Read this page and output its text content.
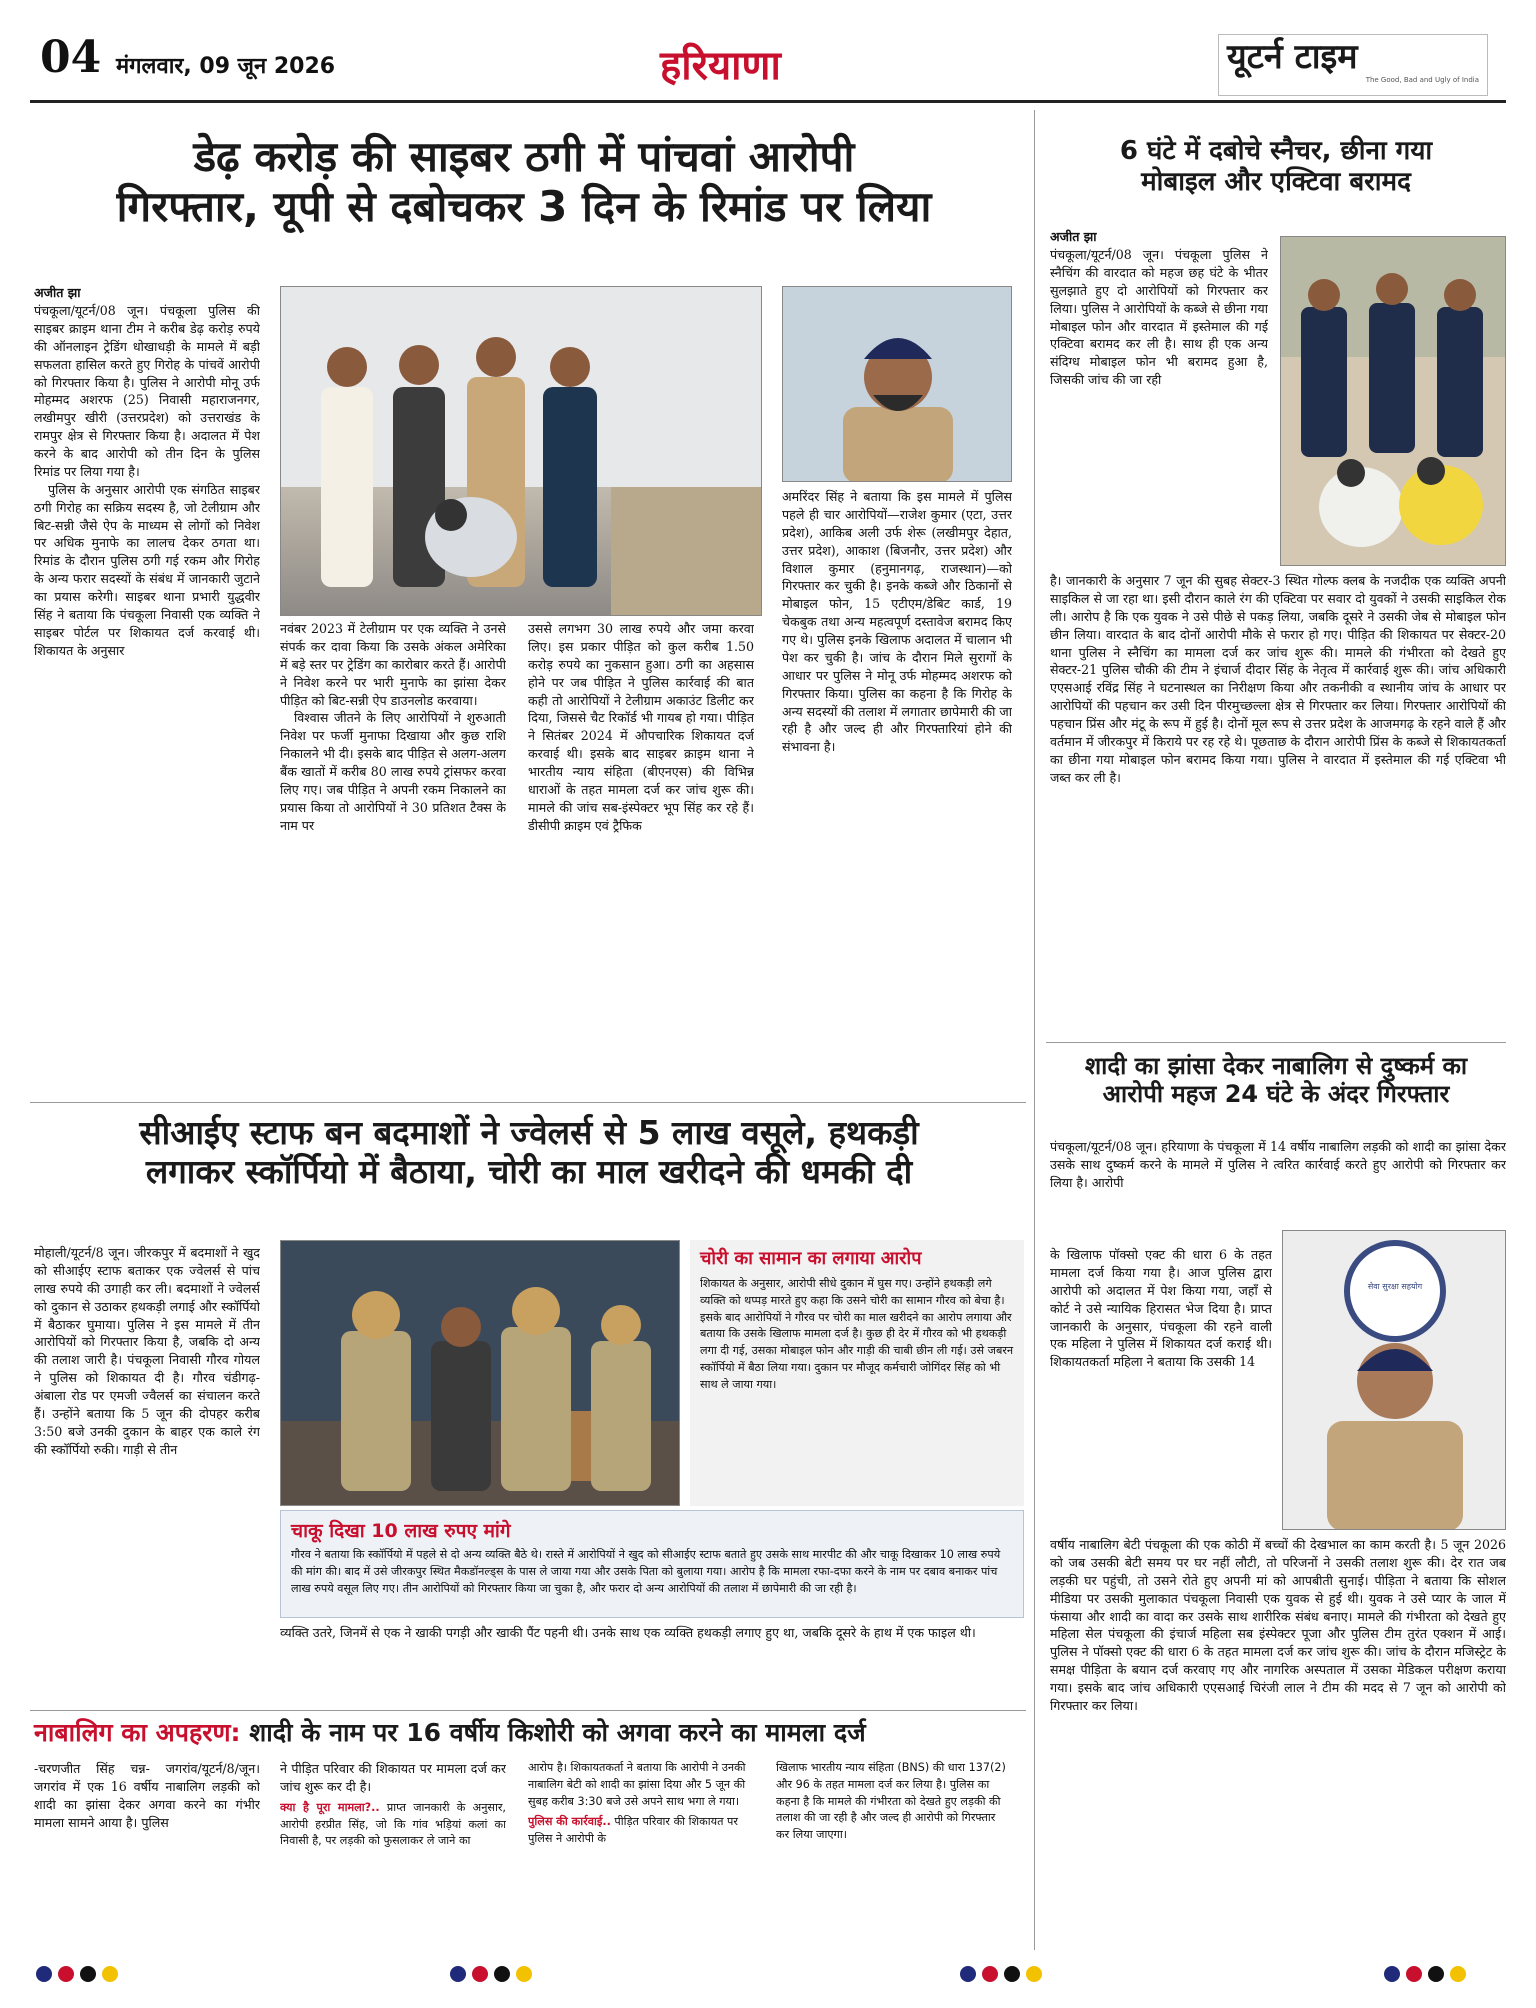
04 मंगलवार, 09 जून 2026	हरियाणा	यूटर्न टाइम
The Good, Bad and Ugly of India
डेढ़ करोड़ की साइबर ठगी में पांचवां आरोपी
गिरफ्तार, यूपी से दबोचकर 3 दिन के रिमांड पर लिया
अजीत झा

पंचकूला/यूटर्न/08 जून। पंचकूला पुलिस की साइबर क्राइम थाना टीम ने करीब डेढ़ करोड़ रुपये की ऑनलाइन ट्रेडिंग धोखाधड़ी के मामले में बड़ी सफलता हासिल करते हुए गिरोह के पांचवें आरोपी को गिरफ्तार किया है। पुलिस ने आरोपी मोनू उर्फ मोहम्मद अशरफ (25) निवासी महाराजनगर, लखीमपुर खीरी (उत्तरप्रदेश) को उत्तराखंड के रामपुर क्षेत्र से गिरफ्तार किया है। अदालत में पेश करने के बाद आरोपी को तीन दिन के पुलिस रिमांड पर लिया गया है।

पुलिस के अनुसार आरोपी एक संगठित साइबर ठगी गिरोह का सक्रिय सदस्य है, जो टेलीग्राम और बिट-सन्नी जैसे ऐप के माध्यम से लोगों को निवेश पर अधिक मुनाफे का लालच देकर ठगता था। रिमांड के दौरान पुलिस ठगी गई रकम और गिरोह के अन्य फरार सदस्यों के संबंध में जानकारी जुटाने का प्रयास करेगी। साइबर थाना प्रभारी युद्धवीर सिंह ने बताया कि पंचकूला निवासी एक व्यक्ति ने साइबर पोर्टल पर शिकायत दर्ज करवाई थी। शिकायत के अनुसार

नवंबर 2023 में टेलीग्राम पर एक व्यक्ति ने उनसे संपर्क कर दावा किया कि उसके अंकल अमेरिका में बड़े स्तर पर ट्रेडिंग का कारोबार करते हैं। आरोपी ने निवेश करने पर भारी मुनाफे का झांसा देकर पीड़ित को बिट-सन्नी ऐप डाउनलोड करवाया।

विश्वास जीतने के लिए आरोपियों ने शुरुआती निवेश पर फर्जी मुनाफा दिखाया और कुछ राशि निकालने भी दी। इसके बाद पीड़ित से अलग-अलग बैंक खातों में करीब 80 लाख रुपये ट्रांसफर करवा लिए गए। जब पीड़ित ने अपनी रकम निकालने का प्रयास किया तो आरोपियों ने 30 प्रतिशत टैक्स के नाम पर

उससे लगभग 30 लाख रुपये और जमा करवा लिए। इस प्रकार पीड़ित को कुल करीब 1.50 करोड़ रुपये का नुकसान हुआ। ठगी का अहसास होने पर जब पीड़ित ने पुलिस कार्रवाई की बात कही तो आरोपियों ने टेलीग्राम अकाउंट डिलीट कर दिया, जिससे चैट रिकॉर्ड भी गायब हो गया। पीड़ित ने सितंबर 2024 में औपचारिक शिकायत दर्ज करवाई थी। इसके बाद साइबर क्राइम थाना ने भारतीय न्याय संहिता (बीएनएस) की विभिन्न धाराओं के तहत मामला दर्ज कर जांच शुरू की। मामले की जांच सब-इंस्पेक्टर भूप सिंह कर रहे हैं। डीसीपी क्राइम एवं ट्रैफिक

अमरिंदर सिंह ने बताया कि इस मामले में पुलिस पहले ही चार आरोपियों—राजेश कुमार (एटा, उत्तर प्रदेश), आकिब अली उर्फ शेरू (लखीमपुर देहात, उत्तर प्रदेश), आकाश (बिजनौर, उत्तर प्रदेश) और विशाल कुमार (हनुमानगढ़, राजस्थान)—को गिरफ्तार कर चुकी है। इनके कब्जे और ठिकानों से मोबाइल फोन, 15 एटीएम/डेबिट कार्ड, 19 चेकबुक तथा अन्य महत्वपूर्ण दस्तावेज बरामद किए गए थे। पुलिस इनके खिलाफ अदालत में चालान भी पेश कर चुकी है। जांच के दौरान मिले सुरागों के आधार पर पुलिस ने मोनू उर्फ मोहम्मद अशरफ को गिरफ्तार किया। पुलिस का कहना है कि गिरोह के अन्य सदस्यों की तलाश में लगातार छापेमारी की जा रही है और जल्द ही और गिरफ्तारियां होने की संभावना है।

6 घंटे में दबोचे स्नैचर, छीना गया
मोबाइल और एक्टिवा बरामद
अजीत झा

पंचकूला/यूटर्न/08 जून। पंचकूला पुलिस ने स्नैचिंग की वारदात को महज छह घंटे के भीतर सुलझाते हुए दो आरोपियों को गिरफ्तार कर लिया। पुलिस ने आरोपियों के कब्जे से छीना गया मोबाइल फोन और वारदात में इस्तेमाल की गई एक्टिवा बरामद कर ली है। साथ ही एक अन्य संदिग्ध मोबाइल फोन भी बरामद हुआ है, जिसकी जांच की जा रही

है। जानकारी के अनुसार 7 जून की सुबह सेक्टर-3 स्थित गोल्फ क्लब के नजदीक एक व्यक्ति अपनी साइकिल से जा रहा था। इसी दौरान काले रंग की एक्टिवा पर सवार दो युवकों ने उसकी साइकिल रोक ली। आरोप है कि एक युवक ने उसे पीछे से पकड़ लिया, जबकि दूसरे ने उसकी जेब से मोबाइल फोन छीन लिया। वारदात के बाद दोनों आरोपी मौके से फरार हो गए। पीड़ित की शिकायत पर सेक्टर-20 थाना पुलिस ने स्नैचिंग का मामला दर्ज कर जांच शुरू की। मामले की गंभीरता को देखते हुए सेक्टर-21 पुलिस चौकी की टीम ने इंचार्ज दीदार सिंह के नेतृत्व में कार्रवाई शुरू की। जांच अधिकारी एएसआई रविंद्र सिंह ने घटनास्थल का निरीक्षण किया और तकनीकी व स्थानीय जांच के आधार पर आरोपियों की पहचान कर उसी दिन पीरमुच्छल्ला क्षेत्र से गिरफ्तार कर लिया। गिरफ्तार आरोपियों की पहचान प्रिंस और मंटू के रूप में हुई है। दोनों मूल रूप से उत्तर प्रदेश के आजमगढ़ के रहने वाले हैं और वर्तमान में जीरकपुर में किराये पर रह रहे थे। पूछताछ के दौरान आरोपी प्रिंस के कब्जे से शिकायतकर्ता का छीना गया मोबाइल फोन बरामद किया गया। पुलिस ने वारदात में इस्तेमाल की गई एक्टिवा भी जब्त कर ली है।

शादी का झांसा देकर नाबालिग से दुष्कर्म का
आरोपी महज 24 घंटे के अंदर गिरफ्तार

पंचकूला/यूटर्न/08 जून। हरियाणा के पंचकूला में 14 वर्षीय नाबालिग लड़की को शादी का झांसा देकर उसके साथ दुष्कर्म करने के मामले में पुलिस ने त्वरित कार्रवाई करते हुए आरोपी को गिरफ्तार कर लिया है। आरोपी

के खिलाफ पॉक्सो एक्ट की धारा 6 के तहत मामला दर्ज किया गया है। आज पुलिस द्वारा आरोपी को अदालत में पेश किया गया, जहाँ से कोर्ट ने उसे न्यायिक हिरासत भेज दिया है। प्राप्त जानकारी के अनुसार, पंचकूला की रहने वाली एक महिला ने पुलिस में शिकायत दर्ज कराई थी। शिकायतकर्ता महिला ने बताया कि उसकी 14

सेवा सुरक्षा सहयोग

वर्षीय नाबालिग बेटी पंचकूला की एक कोठी में बच्चों की देखभाल का काम करती है। 5 जून 2026 को जब उसकी बेटी समय पर घर नहीं लौटी, तो परिजनों ने उसकी तलाश शुरू की। देर रात जब लड़की घर पहुंची, तो उसने रोते हुए अपनी मां को आपबीती सुनाई। पीड़िता ने बताया कि सोशल मीडिया पर उसकी मुलाकात पंचकूला निवासी एक युवक से हुई थी। युवक ने उसे प्यार के जाल में फंसाया और शादी का वादा कर उसके साथ शारीरिक संबंध बनाए। मामले की गंभीरता को देखते हुए महिला सेल पंचकूला की इंचार्ज महिला सब इंस्पेक्टर पूजा और पुलिस टीम तुरंत एक्शन में आई। पुलिस ने पॉक्सो एक्ट की धारा 6 के तहत मामला दर्ज कर जांच शुरू की। जांच के दौरान मजिस्ट्रेट के समक्ष पीड़िता के बयान दर्ज करवाए गए और नागरिक अस्पताल में उसका मेडिकल परीक्षण कराया गया। इसके बाद जांच अधिकारी एएसआई चिरंजी लाल ने टीम की मदद से 7 जून को आरोपी को गिरफ्तार कर लिया।

सीआईए स्टाफ बन बदमाशों ने ज्वेलर्स से 5 लाख वसूले, हथकड़ी
लगाकर स्कॉर्पियो में बैठाया, चोरी का माल खरीदने की धमकी दी

मोहाली/यूटर्न/8 जून। जीरकपुर में बदमाशों ने खुद को सीआईए स्टाफ बताकर एक ज्वेलर्स से पांच लाख रुपये की उगाही कर ली। बदमाशों ने ज्वेलर्स को दुकान से उठाकर हथकड़ी लगाई और स्कॉर्पियो में बैठाकर घुमाया। पुलिस ने इस मामले में तीन आरोपियों को गिरफ्तार किया है, जबकि दो अन्य की तलाश जारी है। पंचकूला निवासी गौरव गोयल ने पुलिस को शिकायत दी है। गौरव चंडीगढ़-अंबाला रोड पर एमजी ज्वैलर्स का संचालन करते हैं। उन्होंने बताया कि 5 जून की दोपहर करीब 3:50 बजे उनकी दुकान के बाहर एक काले रंग की स्कॉर्पियो रुकी। गाड़ी से तीन

चोरी का सामान का लगाया आरोप
शिकायत के अनुसार, आरोपी सीधे दुकान में घुस गए। उन्होंने हथकड़ी लगे व्यक्ति को थप्पड़ मारते हुए कहा कि उसने चोरी का सामान गौरव को बेचा है। इसके बाद आरोपियों ने गौरव पर चोरी का माल खरीदने का आरोप लगाया और बताया कि उसके खिलाफ मामला दर्ज है। कुछ ही देर में गौरव को भी हथकड़ी लगा दी गई, उसका मोबाइल फोन और गाड़ी की चाबी छीन ली गई। उसे जबरन स्कॉर्पियो में बैठा लिया गया। दुकान पर मौजूद कर्मचारी जोगिंदर सिंह को भी साथ ले जाया गया।
चाकू दिखा 10 लाख रुपए मांगे
गौरव ने बताया कि स्कॉर्पियो में पहले से दो अन्य व्यक्ति बैठे थे। रास्ते में आरोपियों ने खुद को सीआईए स्टाफ बताते हुए उसके साथ मारपीट की और चाकू दिखाकर 10 लाख रुपये की मांग की। बाद में उसे जीरकपुर स्थित मैकडॉनल्ड्स के पास ले जाया गया और उसके पिता को बुलाया गया। आरोप है कि मामला रफा-दफा करने के नाम पर दबाव बनाकर पांच लाख रुपये वसूल लिए गए। तीन आरोपियों को गिरफ्तार किया जा चुका है, और फरार दो अन्य आरोपियों की तलाश में छापेमारी की जा रही है।

व्यक्ति उतरे, जिनमें से एक ने खाकी पगड़ी और खाकी पैंट पहनी थी। उनके साथ एक व्यक्ति हथकड़ी लगाए हुए था, जबकि दूसरे के हाथ में एक फाइल थी।

नाबालिग का अपहरण: शादी के नाम पर 16 वर्षीय किशोरी को अगवा करने का मामला दर्ज

-चरणजीत सिंह चन्न- जगरांव/यूटर्न/8/जून। जगरांव में एक 16 वर्षीय नाबालिग लड़की को शादी का झांसा देकर अगवा करने का गंभीर मामला सामने आया है। पुलिस

ने पीड़ित परिवार की शिकायत पर मामला दर्ज कर जांच शुरू कर दी है।

क्या है पूरा मामला?.. प्राप्त जानकारी के अनुसार, आरोपी हरप्रीत सिंह, जो कि गांव भड़ियां कलां का निवासी है, पर लड़की को फुसलाकर ले जाने का

आरोप है। शिकायतकर्ता ने बताया कि आरोपी ने उनकी नाबालिग बेटी को शादी का झांसा दिया और 5 जून की सुबह करीब 3:30 बजे उसे अपने साथ भगा ले गया।

पुलिस की कार्रवाई.. पीड़ित परिवार की शिकायत पर पुलिस ने आरोपी के

खिलाफ भारतीय न्याय संहिता (BNS) की धारा 137(2) और 96 के तहत मामला दर्ज कर लिया है। पुलिस का कहना है कि मामले की गंभीरता को देखते हुए लड़की की तलाश की जा रही है और जल्द ही आरोपी को गिरफ्तार कर लिया जाएगा।
